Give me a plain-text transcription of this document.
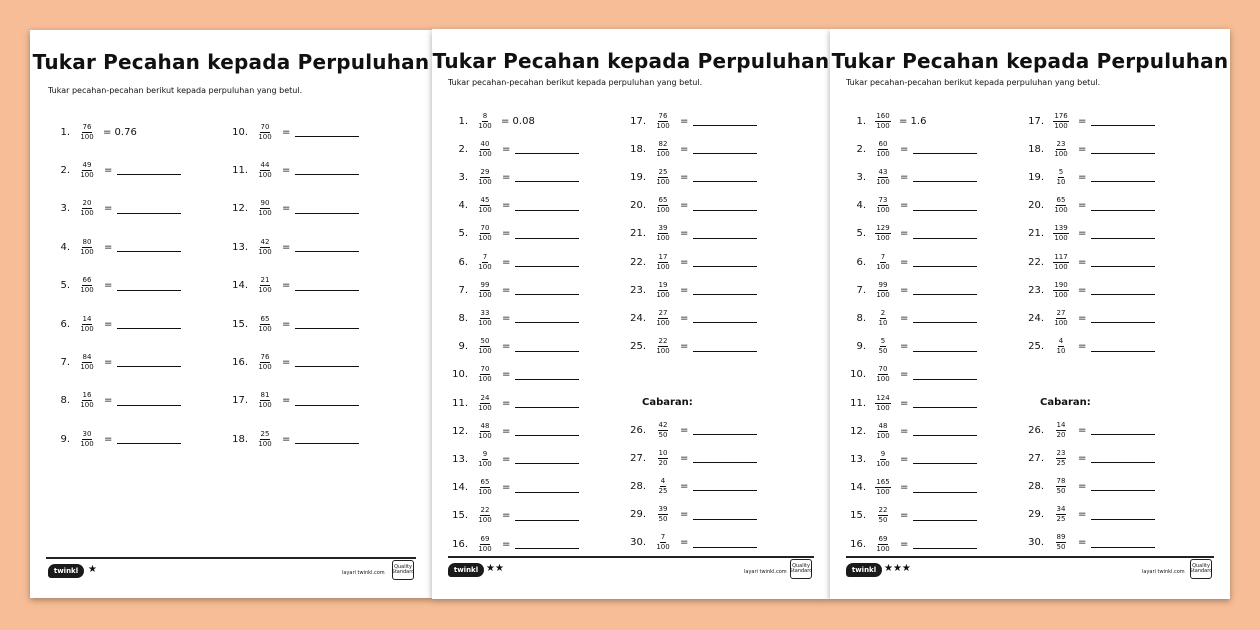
Tukar Pecahan kepada Perpuluhan
Tukar pecahan-pecahan berikut kepada perpuluhan yang betul.
1. $\frac{76}{100} = 0.76$
2. $\frac{49}{100}$ =
3. $\frac{20}{100}$ =
4. $\frac{80}{100}$ =
5. $\frac{66}{100}$ =
6. $\frac{14}{100}$ =
7. $\frac{84}{100}$ =
8. $\frac{16}{100}$ =
9. $\frac{30}{100}$ =
10. $\frac{70}{100}$ =
11. $\frac{44}{100}$ =
12. $\frac{90}{100}$ =
13. $\frac{42}{100}$ =
14. $\frac{21}{100}$ =
15. $\frac{65}{100}$ =
16. $\frac{76}{100}$ =
17. $\frac{81}{100}$ =
18. $\frac{25}{100}$ =
twinkl ★	layari twinkl.com
Quality Standard
Tukar Pecahan kepada Perpuluhan
Tukar pecahan-pecahan berikut kepada perpuluhan yang betul.
1. $\frac{8}{100} = 0.08$
2. $\frac{40}{100}$ =
3. $\frac{29}{100}$ =
4. $\frac{45}{100}$ =
5. $\frac{70}{100}$ =
6. $\frac{7}{100}$ =
7. $\frac{99}{100}$ =
8. $\frac{33}{100}$ =
9. $\frac{50}{100}$ =
10. $\frac{70}{100}$ =
11. $\frac{24}{100}$ =
12. $\frac{48}{100}$ =
13. $\frac{9}{100}$ =
14. $\frac{65}{100}$ =
15. $\frac{22}{100}$ =
16. $\frac{69}{100}$ =
17. $\frac{76}{100}$ =
18. $\frac{82}{100}$ =
19. $\frac{25}{100}$ =
20. $\frac{65}{100}$ =
21. $\frac{39}{100}$ =
22. $\frac{17}{100}$ =
23. $\frac{19}{100}$ =
24. $\frac{27}{100}$ =
25. $\frac{22}{100}$ =
26. $\frac{42}{50}$ =
27. $\frac{10}{20}$ =
28. $\frac{4}{25}$ =
29. $\frac{39}{50}$ =
30. $\frac{7}{100}$ =
Cabaran:
twinkl ★★	layari twinkl.com
Quality Standard
Tukar Pecahan kepada Perpuluhan
Tukar pecahan-pecahan berikut kepada perpuluhan yang betul.
1. $\frac{160}{100} = 1.6$
2. $\frac{60}{100}$ =
3. $\frac{43}{100}$ =
4. $\frac{73}{100}$ =
5. $\frac{129}{100}$ =
6. $\frac{7}{100}$ =
7. $\frac{99}{100}$ =
8. $\frac{2}{10}$ =
9. $\frac{5}{50}$ =
10. $\frac{70}{100}$ =
11. $\frac{124}{100}$ =
12. $\frac{48}{100}$ =
13. $\frac{9}{100}$ =
14. $\frac{165}{100}$ =
15. $\frac{22}{50}$ =
16. $\frac{69}{100}$ =
17. $\frac{176}{100}$ =
18. $\frac{23}{100}$ =
19. $\frac{5}{10}$ =
20. $\frac{65}{100}$ =
21. $\frac{139}{100}$ =
22. $\frac{117}{100}$ =
23. $\frac{190}{100}$ =
24. $\frac{27}{100}$ =
25. $\frac{4}{10}$ =
26. $\frac{14}{20}$ =
27. $\frac{23}{25}$ =
28. $\frac{78}{50}$ =
29. $\frac{34}{25}$ =
30. $\frac{89}{50}$ =
Cabaran:
twinkl ★★★	layari twinkl.com
Quality Standard
